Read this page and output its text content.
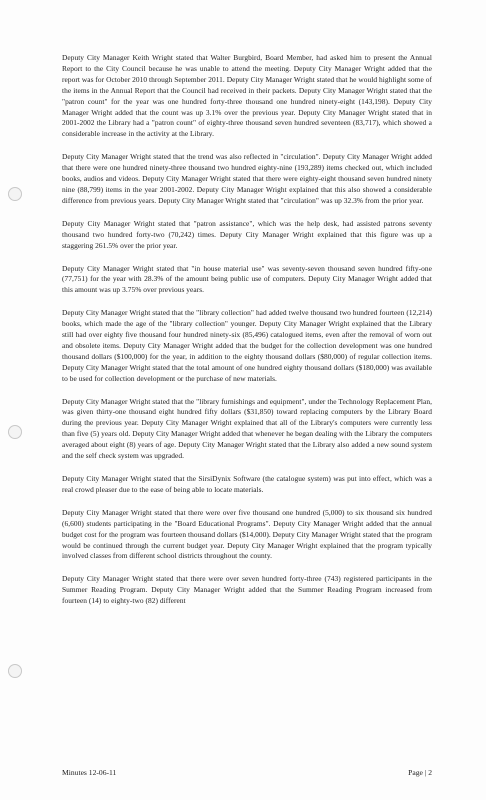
Deputy City Manager Keith Wright stated that Walter Burgbird, Board Member, had asked him to present the Annual Report to the City Council because he was unable to attend the meeting. Deputy City Manager Wright added that the report was for October 2010 through September 2011. Deputy City Manager Wright stated that he would highlight some of the items in the Annual Report that the Council had received in their packets. Deputy City Manager Wright stated that the "patron count" for the year was one hundred forty-three thousand one hundred ninety-eight (143,198). Deputy City Manager Wright added that the count was up 3.1% over the previous year. Deputy City Manager Wright stated that in 2001-2002 the Library had a "patron count" of eighty-three thousand seven hundred seventeen (83,717), which showed a considerable increase in the activity at the Library.

Deputy City Manager Wright stated that the trend was also reflected in "circulation". Deputy City Manager Wright added that there were one hundred ninety-three thousand two hundred eighty-nine (193,289) items checked out, which included books, audios and videos. Deputy City Manager Wright stated that there were eighty-eight thousand seven hundred ninety nine (88,799) items in the year 2001-2002. Deputy City Manager Wright explained that this also showed a considerable difference from previous years. Deputy City Manager Wright stated that "circulation" was up 32.3% from the prior year.

Deputy City Manager Wright stated that "patron assistance", which was the help desk, had assisted patrons seventy thousand two hundred forty-two (70,242) times. Deputy City Manager Wright explained that this figure was up a staggering 261.5% over the prior year.

Deputy City Manager Wright stated that "in house material use" was seventy-seven thousand seven hundred fifty-one (77,751) for the year with 28.3% of the amount being public use of computers. Deputy City Manager Wright added that this amount was up 3.75% over previous years.

Deputy City Manager Wright stated that the "library collection" had added twelve thousand two hundred fourteen (12,214) books, which made the age of the "library collection" younger. Deputy City Manager Wright explained that the Library still had over eighty five thousand four hundred ninety-six (85,496) catalogued items, even after the removal of worn out and obsolete items. Deputy City Manager Wright added that the budget for the collection development was one hundred thousand dollars ($100,000) for the year, in addition to the eighty thousand dollars ($80,000) of regular collection items. Deputy City Manager Wright stated that the total amount of one hundred eighty thousand dollars ($180,000) was available to be used for collection development or the purchase of new materials.

Deputy City Manager Wright stated that the "library furnishings and equipment", under the Technology Replacement Plan, was given thirty-one thousand eight hundred fifty dollars ($31,850) toward replacing computers by the Library Board during the previous year. Deputy City Manager Wright explained that all of the Library's computers were currently less than five (5) years old. Deputy City Manager Wright added that whenever he began dealing with the Library the computers averaged about eight (8) years of age. Deputy City Manager Wright stated that the Library also added a new sound system and the self check system was upgraded.

Deputy City Manager Wright stated that the SirsiDynix Software (the catalogue system) was put into effect, which was a real crowd pleaser due to the ease of being able to locate materials.

Deputy City Manager Wright stated that there were over five thousand one hundred (5,000) to six thousand six hundred (6,600) students participating in the "Board Educational Programs". Deputy City Manager Wright added that the annual budget cost for the program was fourteen thousand dollars ($14,000). Deputy City Manager Wright stated that the program would be continued through the current budget year. Deputy City Manager Wright explained that the program typically involved classes from different school districts throughout the county.

Deputy City Manager Wright stated that there were over seven hundred forty-three (743) registered participants in the Summer Reading Program. Deputy City Manager Wright added that the Summer Reading Program increased from fourteen (14) to eighty-two (82) different

Minutes 12-06-11	Page | 2
